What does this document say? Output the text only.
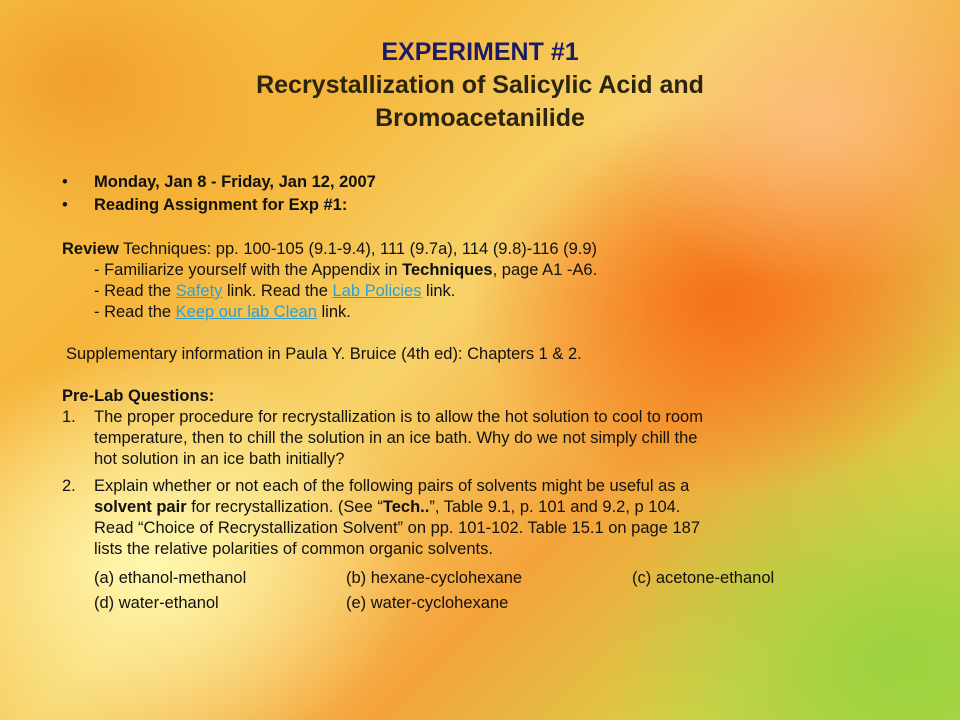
EXPERIMENT #1
Recrystallization of Salicylic Acid and
Bromoacetanilide
• Monday, Jan 8 - Friday, Jan 12, 2007
• Reading Assignment for Exp #1:
Review Techniques: pp. 100-105 (9.1-9.4), 111 (9.7a), 114 (9.8)-116 (9.9)
- Familiarize yourself with the Appendix in Techniques, page A1 -A6.
- Read the Safety link. Read the Lab Policies link.
- Read the Keep our lab Clean link.
Supplementary information in Paula Y. Bruice (4th ed): Chapters 1 & 2.
Pre-Lab Questions:
1. The proper procedure for recrystallization is to allow the hot solution to cool to room
temperature, then to chill the solution in an ice bath. Why do we not simply chill the
hot solution in an ice bath initially?
2. Explain whether or not each of the following pairs of solvents might be useful as a
solvent pair for recrystallization. (See “Tech..”, Table 9.1, p. 101 and 9.2, p 104.
Read “Choice of Recrystallization Solvent” on pp. 101-102. Table 15.1 on page 187
lists the relative polarities of common organic solvents.
(a) ethanol-methanol	(b) hexane-cyclohexane	(c) acetone-ethanol
(d) water-ethanol	(e) water-cyclohexane
